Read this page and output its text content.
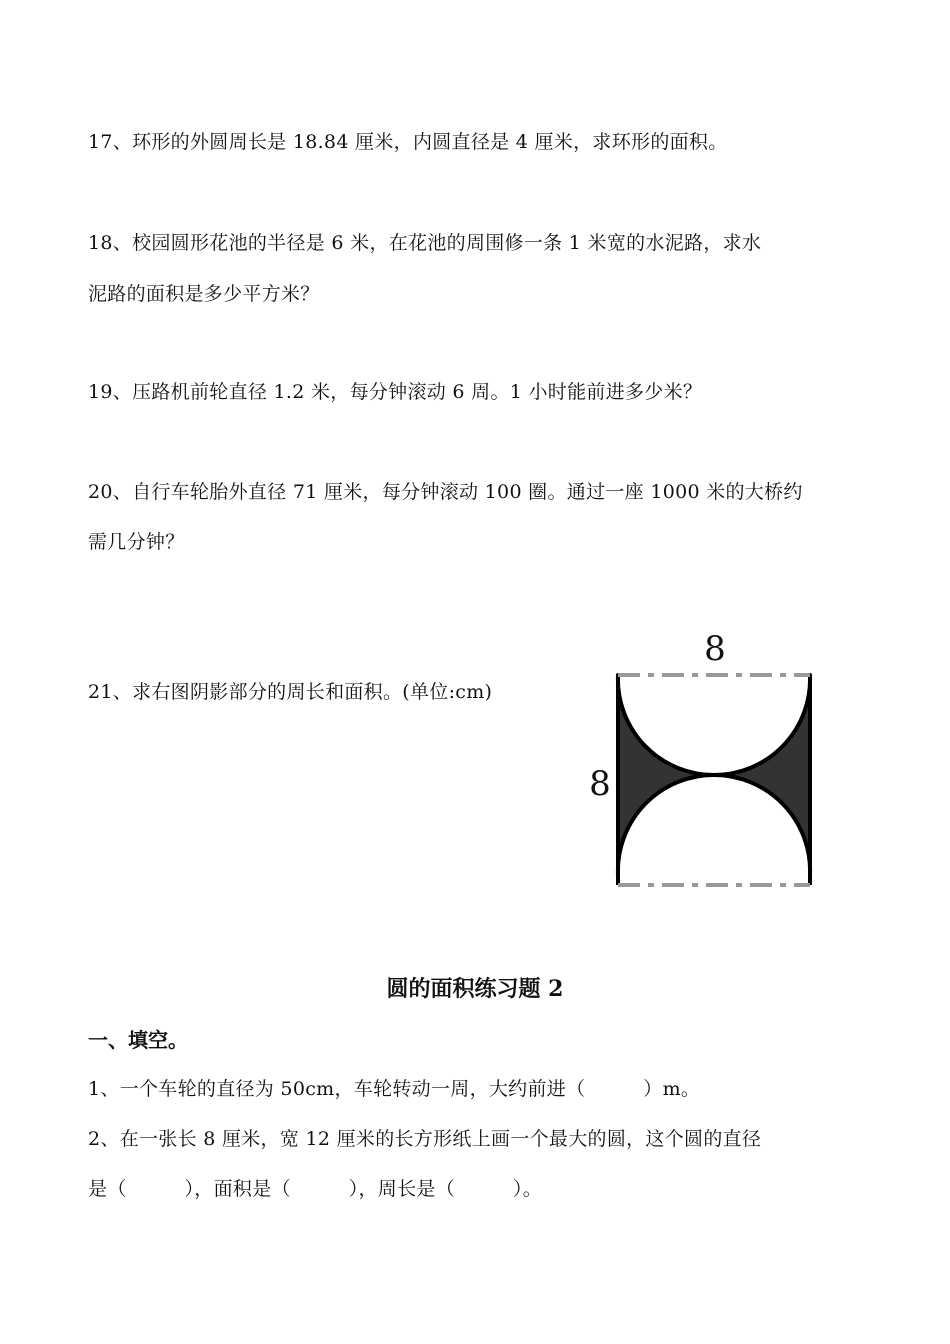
17、环形的外圆周长是 18.84 厘米，内圆直径是 4 厘米，求环形的面积。
18、校园圆形花池的半径是 6 米，在花池的周围修一条 1 米宽的水泥路，求水
泥路的面积是多少平方米？
19、压路机前轮直径 1.2 米，每分钟滚动 6 周。1 小时能前进多少米？
20、自行车轮胎外直径 71 厘米，每分钟滚动 100 圈。通过一座 1000 米的大桥约
需几分钟？
21、求右图阴影部分的周长和面积。(单位:cm)
8
8
圆的面积练习题 2
一、填空。
1、一个车轮的直径为 50cm，车轮转动一周，大约前进（　　　）m。
2、在一张长 8 厘米，宽 12 厘米的长方形纸上画一个最大的圆，这个圆的直径
是（　　　），面积是（　　　），周长是（　　　）。
